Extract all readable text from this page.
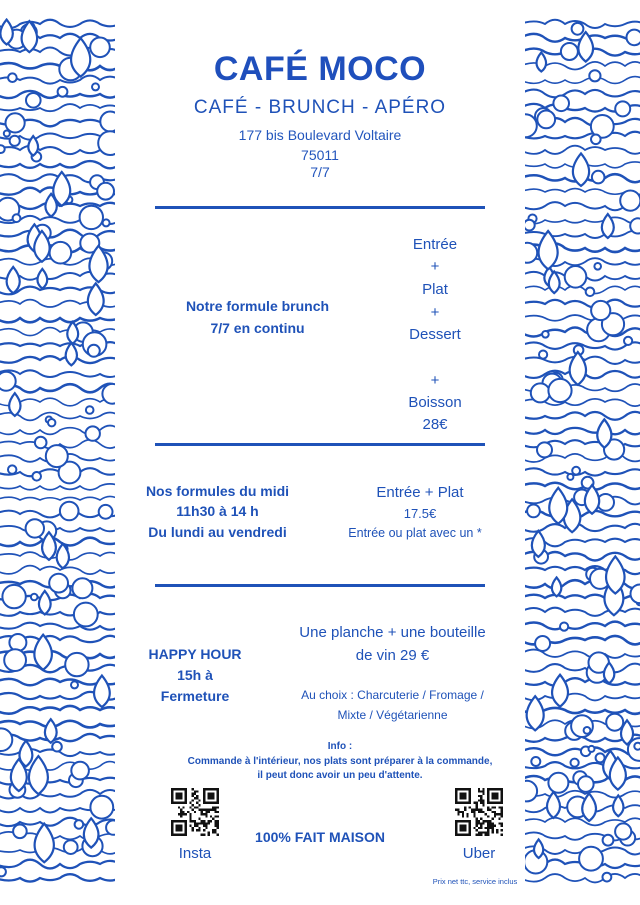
CAFÉ MOCO
CAFÉ - BRUNCH - APÉRO
177 bis Boulevard Voltaire
75011
7/7
Notre formule brunch
7/7 en continu
Entrée
+
Plat
+
Dessert
+
Boisson
28€
Nos formules du midi
11h30 à 14 h
Du lundi au vendredi
Entrée + Plat
17.5€
Entrée ou plat avec un *
HAPPY HOUR
15h à
Fermeture
Une planche + une bouteille
de vin 29 €
Au choix : Charcuterie / Fromage /
Mixte / Végétarienne
Info :
Commande à l'intérieur, nos plats sont préparer à la commande,
il peut donc avoir un peu d'attente.
Insta
100% FAIT MAISON
Uber
Prix net ttc, service inclus
